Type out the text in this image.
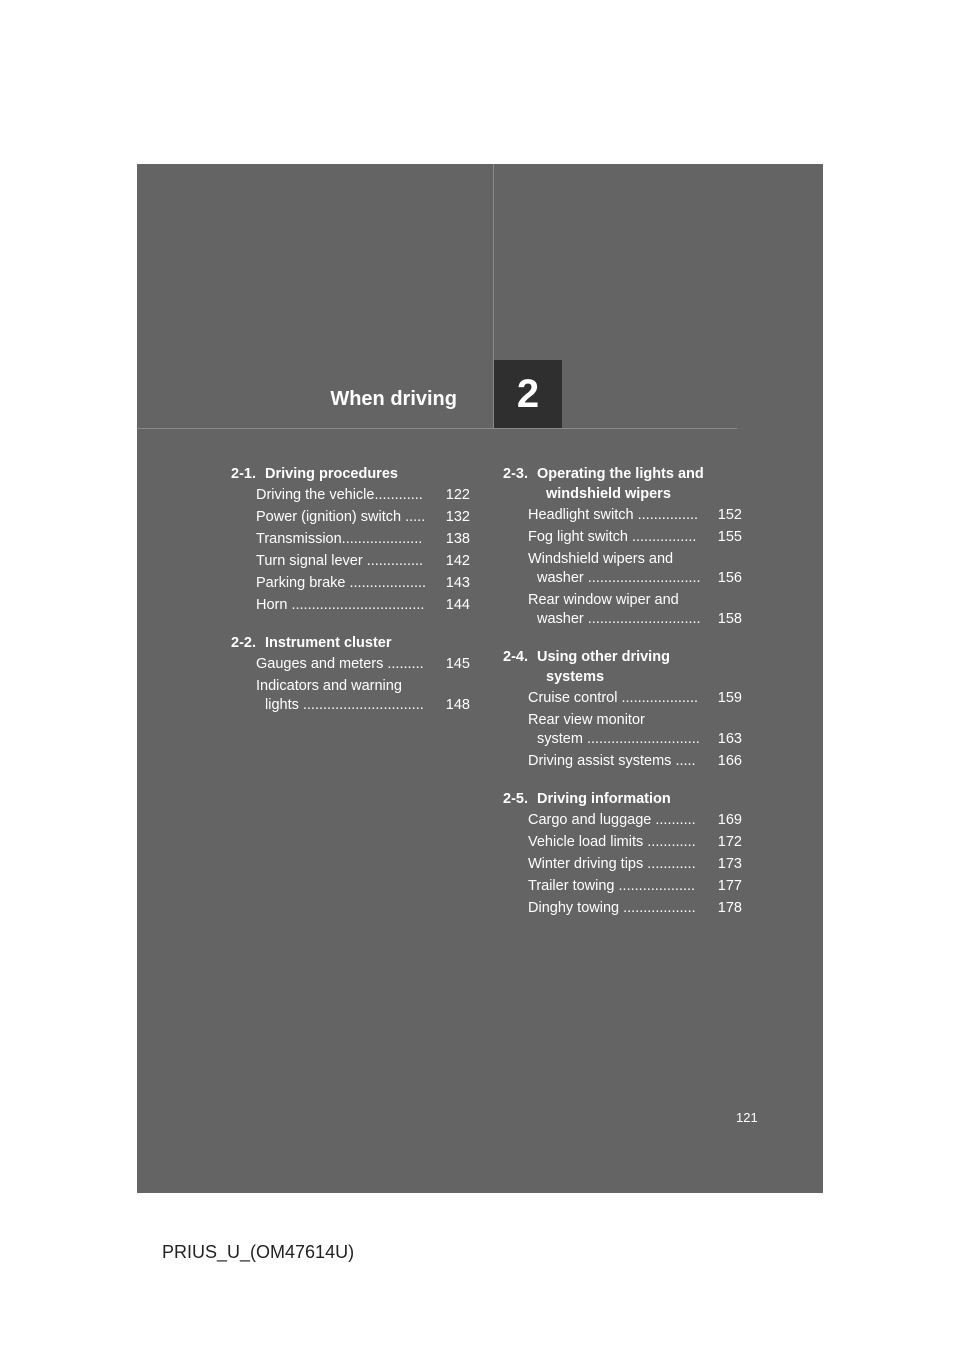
When driving 2
2-1. Driving procedures
Driving the vehicle............	122
Power (ignition) switch .....	132
Transmission....................	138
Turn signal lever ..............	142
Parking brake ...................	143
Horn .................................	144
2-2. Instrument cluster
Gauges and meters .........	145
Indicators and warning
lights ..............................	148
2-3. Operating the lights and
windshield wipers
Headlight switch ...............	152
Fog light switch ................	155
Windshield wipers and
washer ............................	156
Rear window wiper and
washer ............................	158
2-4. Using other driving
systems
Cruise control ...................	159
Rear view monitor
system ............................	163
Driving assist systems .....	166
2-5. Driving information
Cargo and luggage ..........	169
Vehicle load limits ............	172
Winter driving tips ............	173
Trailer towing ...................	177
Dinghy towing ..................	178
121
PRIUS_U_(OM47614U)
